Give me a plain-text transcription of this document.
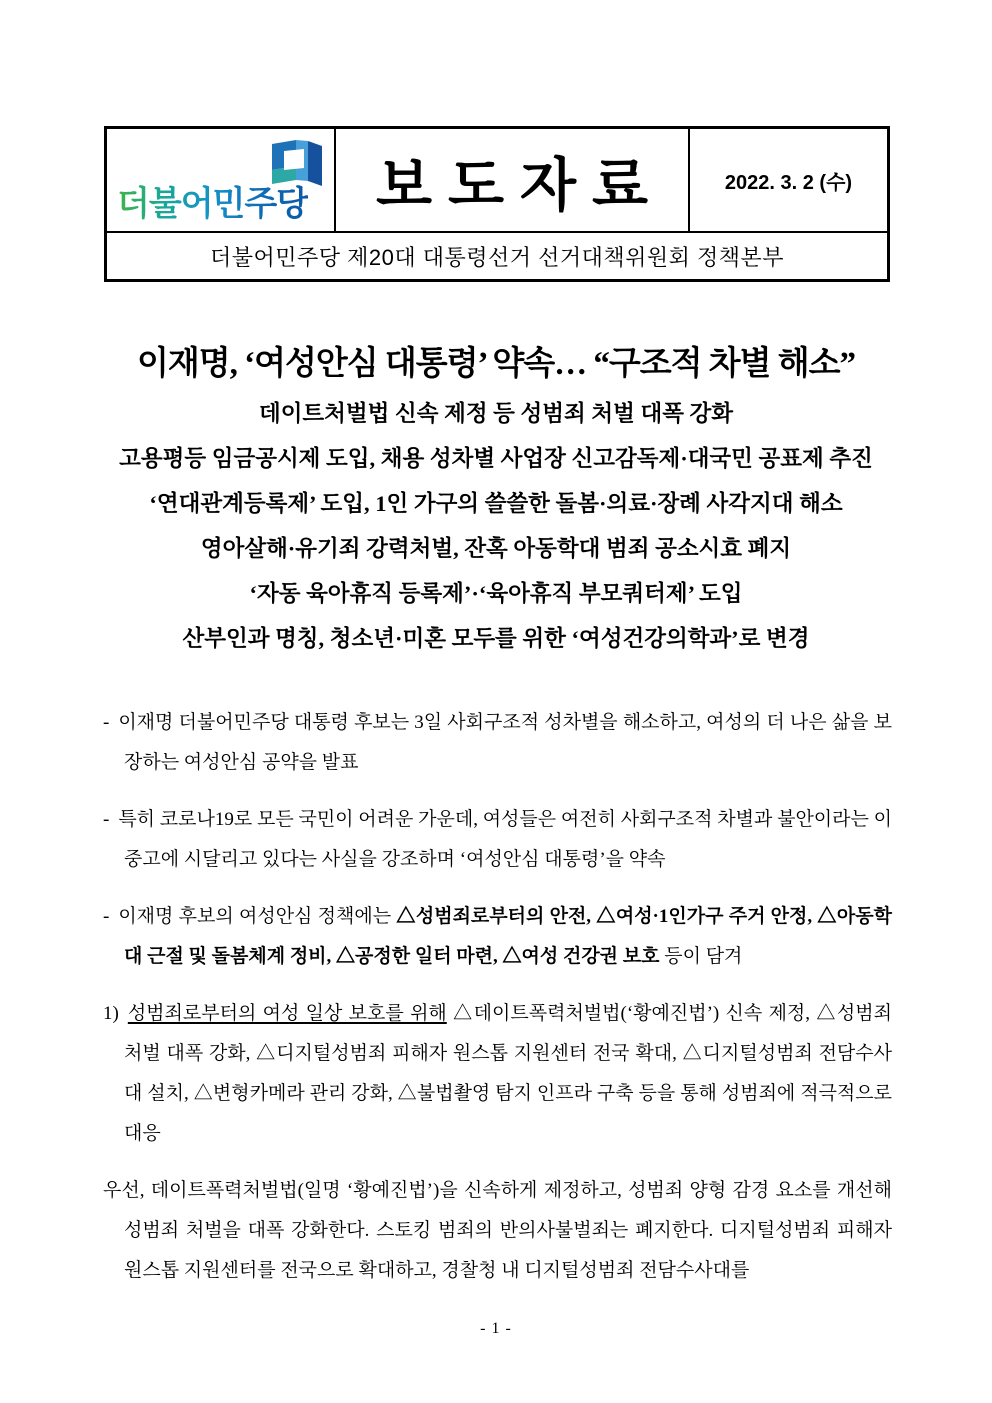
더불어민주당	보도자료	2022. 3. 2 (수)
더불어민주당 제20대 대통령선거 선거대책위원회 정책본부
이재명, ‘여성안심 대통령’ 약속… “구조적 차별 해소”
데이트처벌법 신속 제정 등 성범죄 처벌 대폭 강화
고용평등 임금공시제 도입, 채용 성차별 사업장 신고감독제·대국민 공표제 추진
‘연대관계등록제’ 도입, 1인 가구의 쓸쓸한 돌봄·의료·장례 사각지대 해소
영아살해·유기죄 강력처벌, 잔혹 아동학대 범죄 공소시효 폐지
‘자동 육아휴직 등록제’·‘육아휴직 부모쿼터제’ 도입
산부인과 명칭, 청소년·미혼 모두를 위한 ‘여성건강의학과’로 변경
- 이재명 더불어민주당 대통령 후보는 3일 사회구조적 성차별을 해소하고, 여성의 더 나은 삶을 보장하는 여성안심 공약을 발표
- 특히 코로나19로 모든 국민이 어려운 가운데, 여성들은 여전히 사회구조적 차별과 불안이라는 이중고에 시달리고 있다는 사실을 강조하며 ‘여성안심 대통령’을 약속
- 이재명 후보의 여성안심 정책에는 △성범죄로부터의 안전, △여성·1인가구 주거 안정, △아동학대 근절 및 돌봄체계 정비, △공정한 일터 마련, △여성 건강권 보호 등이 담겨
1) 성범죄로부터의 여성 일상 보호를 위해 △데이트폭력처벌법(‘황예진법’) 신속 제정, △성범죄 처벌 대폭 강화, △디지털성범죄 피해자 원스톱 지원센터 전국 확대, △디지털성범죄 전담수사대 설치, △변형카메라 관리 강화, △불법촬영 탐지 인프라 구축 등을 통해 성범죄에 적극적으로 대응
우선, 데이트폭력처벌법(일명 ‘황예진법’)을 신속하게 제정하고, 성범죄 양형 감경 요소를 개선해 성범죄 처벌을 대폭 강화한다. 스토킹 범죄의 반의사불벌죄는 폐지한다. 디지털성범죄 피해자 원스톱 지원센터를 전국으로 확대하고, 경찰청 내 디지털성범죄 전담수사대를
- 1 -
